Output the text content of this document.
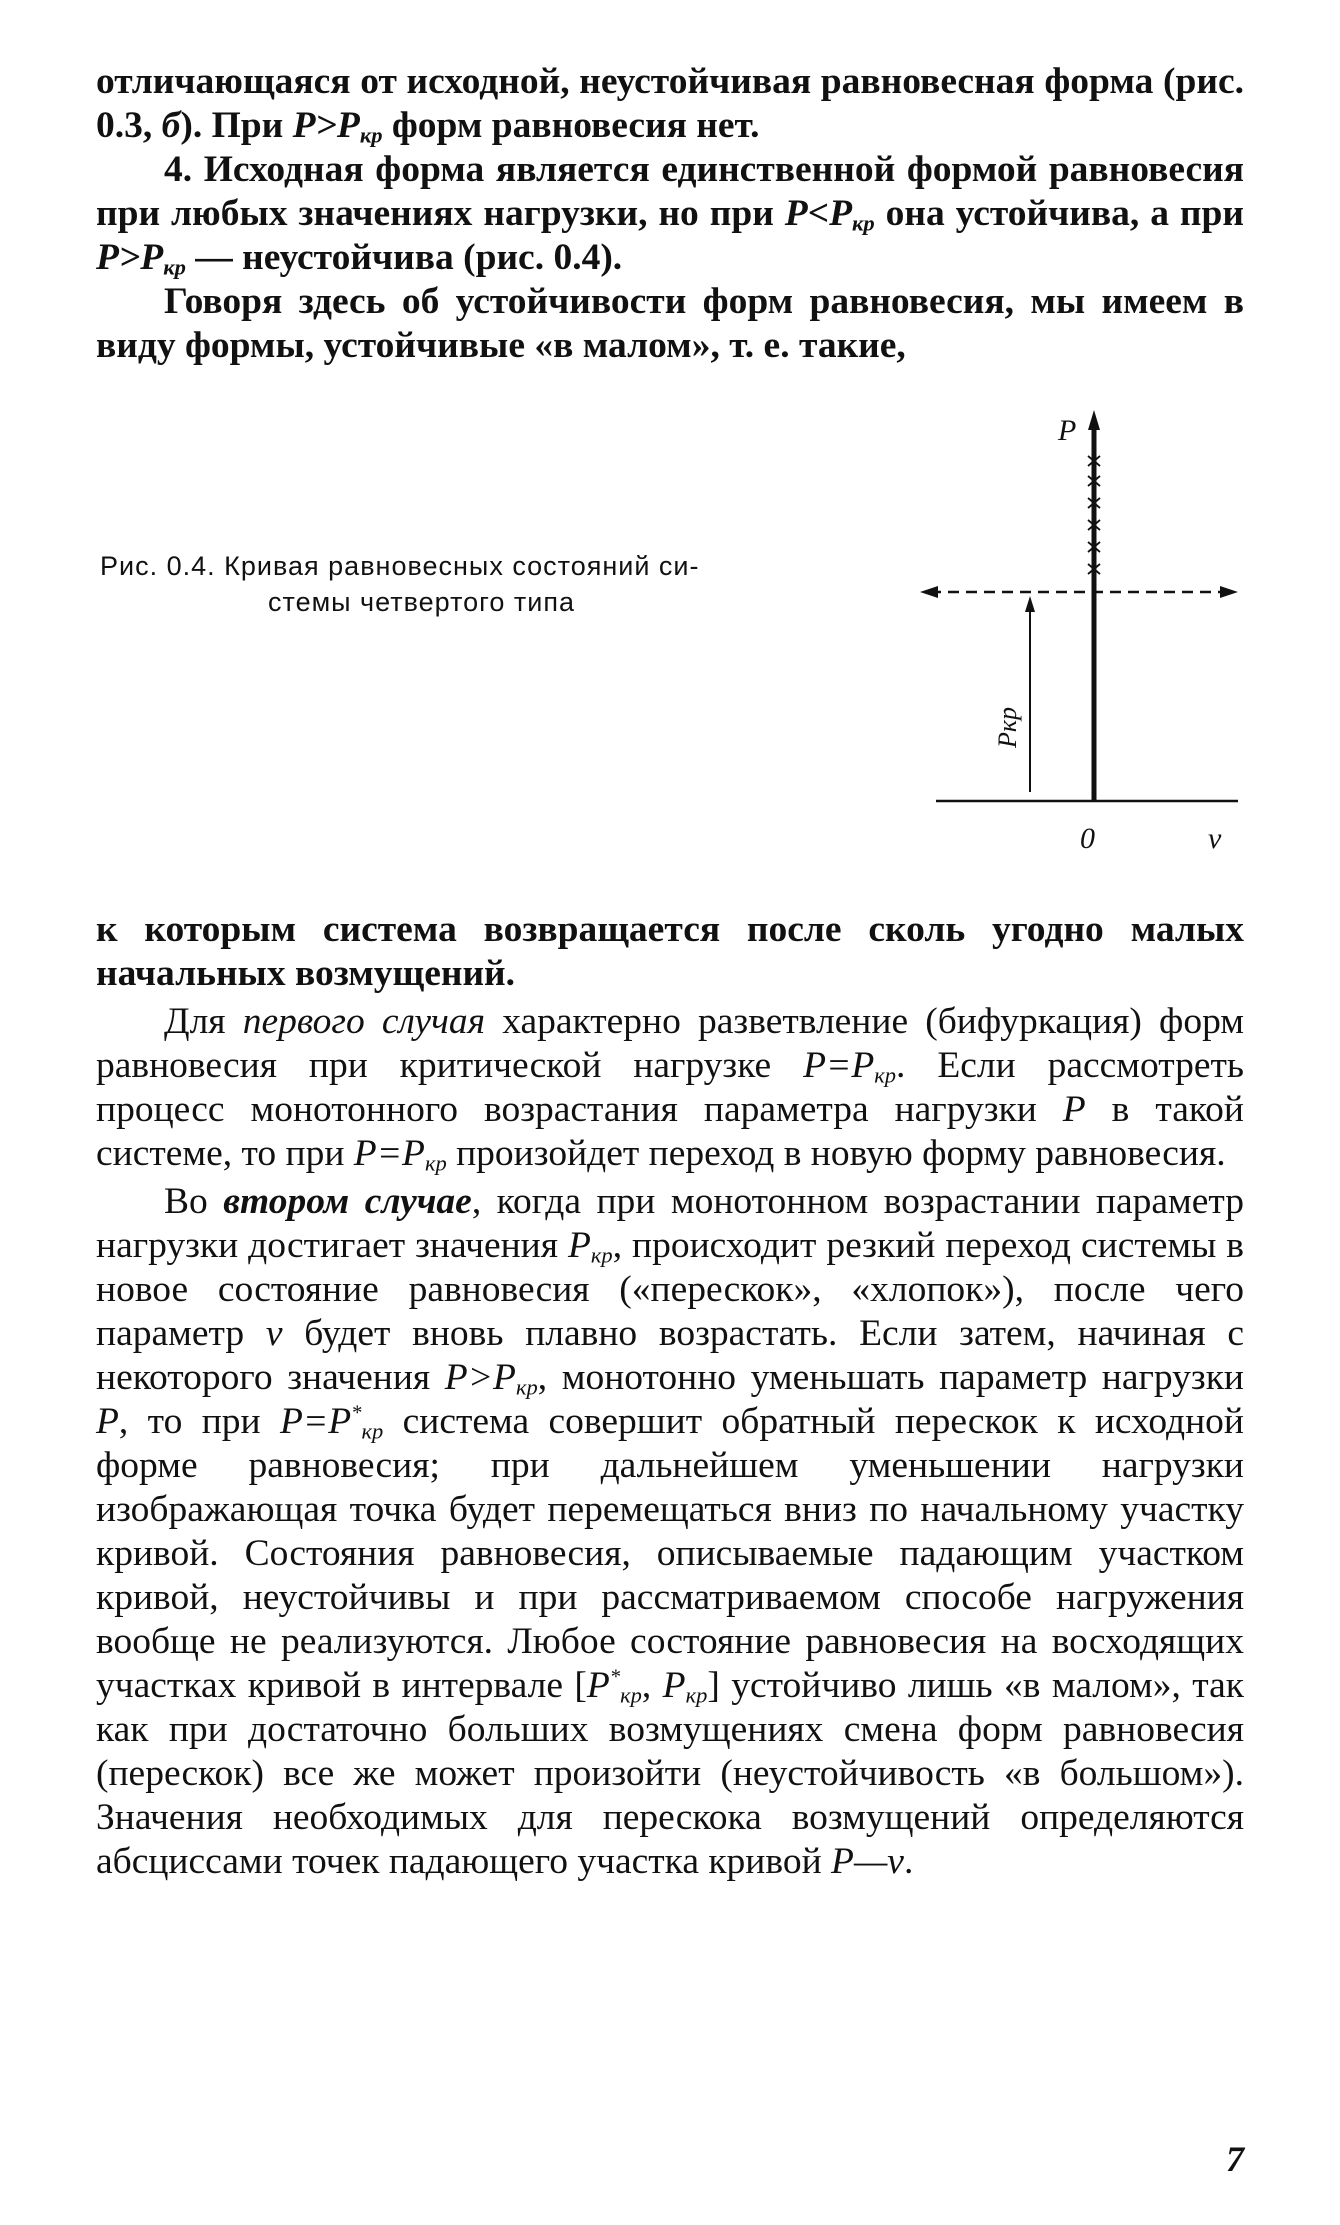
отличающаяся от исходной, неустойчивая равновесная форма (рис. 0.3, б). При $P>P_{кр}$ форм равновесия нет.

4. Исходная форма является единственной формой равновесия при любых значениях нагрузки, но при $P<P_{кр}$ она устойчива, а при $P>P_{кр}$ — неустойчива (рис. 0.4).

Говоря здесь об устойчивости форм равновесия, мы имеем в виду формы, устойчивые «в малом», т. е. такие,

Рис. 0.4. Кривая равновесных состояний си-
стемы четвертого типа
P
v
0
Pкр

к которым система возвращается после сколь угодно малых начальных возмущений.

Для первого случая характерно разветвление (бифуркация) форм равновесия при критической нагрузке $P=P_{кр}$. Если рассмотреть процесс монотонного возрастания параметра нагрузки P в такой системе, то при $P=P_{кр}$ произойдет переход в новую форму равновесия.

Во втором случае, когда при монотонном возрастании параметр нагрузки достигает значения $P_{кр}$, происходит резкий переход системы в новое состояние равновесия («перескок», «хлопок»), после чего параметр v будет вновь плавно возрастать. Если затем, начиная с некоторого значения $P>P_{кр}$, монотонно уменьшать параметр нагрузки P, то при $P=P^*_{кр}$ система совершит обратный перескок к исходной форме равновесия; при дальнейшем уменьшении нагрузки изображающая точка будет перемещаться вниз по начальному участку кривой. Состояния равновесия, описываемые падающим участком кривой, неустойчивы и при рассматриваемом способе нагружения вообще не реализуются. Любое состояние равновесия на восходящих участках кривой в интервале [$P^*_{кр}$, $P_{кр}$] устойчиво лишь «в малом», так как при достаточно больших возмущениях смена форм равновесия (перескок) все же может произойти (неустойчивость «в большом»). Значения необходимых для перескока возмущений определяются абсциссами точек падающего участка кривой P—v.

7
